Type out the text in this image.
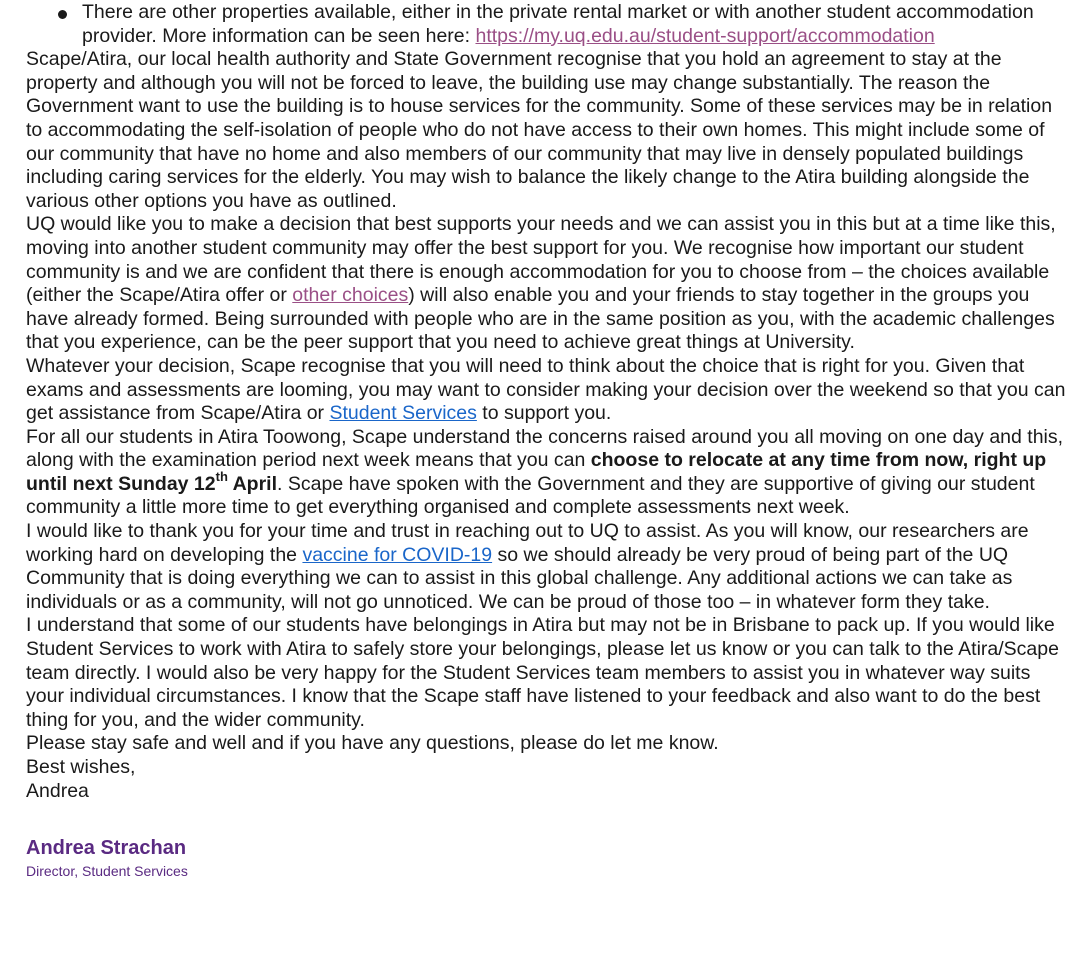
There are other properties available, either in the private rental market or with another student accommodation provider. More information can be seen here: https://my.uq.edu.au/student-support/accommodation

Scape/Atira, our local health authority and State Government recognise that you hold an agreement to stay at the property and although you will not be forced to leave, the building use may change substantially. The reason the Government want to use the building is to house services for the community. Some of these services may be in relation to accommodating the self-isolation of people who do not have access to their own homes. This might include some of our community that have no home and also members of our community that may live in densely populated buildings including caring services for the elderly. You may wish to balance the likely change to the Atira building alongside the various other options you have as outlined.

UQ would like you to make a decision that best supports your needs and we can assist you in this but at a time like this, moving into another student community may offer the best support for you. We recognise how important our student community is and we are confident that there is enough accommodation for you to choose from – the choices available (either the Scape/Atira offer or other choices) will also enable you and your friends to stay together in the groups you have already formed. Being surrounded with people who are in the same position as you, with the academic challenges that you experience, can be the peer support that you need to achieve great things at University.

Whatever your decision, Scape recognise that you will need to think about the choice that is right for you. Given that exams and assessments are looming, you may want to consider making your decision over the weekend so that you can get assistance from Scape/Atira or Student Services to support you.

For all our students in Atira Toowong, Scape understand the concerns raised around you all moving on one day and this, along with the examination period next week means that you can choose to relocate at any time from now, right up until next Sunday 12th April. Scape have spoken with the Government and they are supportive of giving our student community a little more time to get everything organised and complete assessments next week.

I would like to thank you for your time and trust in reaching out to UQ to assist. As you will know, our researchers are working hard on developing the vaccine for COVID-19 so we should already be very proud of being part of the UQ Community that is doing everything we can to assist in this global challenge. Any additional actions we can take as individuals or as a community, will not go unnoticed. We can be proud of those too – in whatever form they take.

I understand that some of our students have belongings in Atira but may not be in Brisbane to pack up. If you would like Student Services to work with Atira to safely store your belongings, please let us know or you can talk to the Atira/Scape team directly. I would also be very happy for the Student Services team members to assist you in whatever way suits your individual circumstances. I know that the Scape staff have listened to your feedback and also want to do the best thing for you, and the wider community.

Please stay safe and well and if you have any questions, please do let me know.

Best wishes,

Andrea

Andrea Strachan
Director, Student Services
